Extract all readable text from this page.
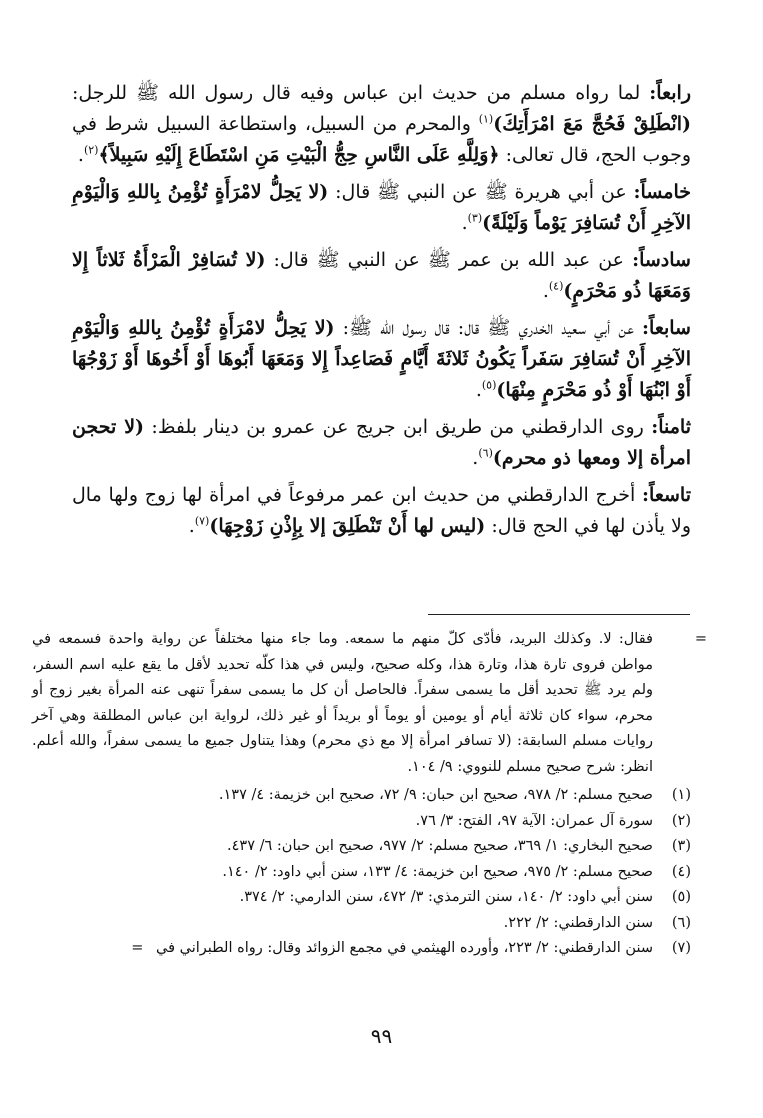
رابعاً: لما رواه مسلم من حديث ابن عباس وفيه قال رسول الله ﷺ للرجل: (انْطَلِقْ فَحُجَّ مَعَ امْرَأَتِكَ)$^{(١)}$ والمحرم من السبيل، واستطاعة السبيل شرط في وجوب الحج، قال تعالى: ﴿وَلِلَّهِ عَلَى النَّاسِ حِجُّ الْبَيْتِ مَنِ اسْتَطَاعَ إِلَيْهِ سَبِيلاً﴾$^{(٢)}$.

خامساً: عن أبي هريرة ﷺ عن النبي ﷺ قال: (لا يَحِلُّ لامْرَأَةٍ تُؤْمِنُ بِاللهِ وَالْيَوْمِ الآخِرِ أَنْ تُسَافِرَ يَوْماً وَلَيْلَةً)$^{(٣)}$.

سادساً: عن عبد الله بن عمر ﷺ عن النبي ﷺ قال: (لا تُسَافِرْ الْمَرْأَةُ ثَلاثاً إِلا وَمَعَهَا ذُو مَحْرَمٍ)$^{(٤)}$.

سابعاً: عن أبي سعيد الخدري ﷺ قال: قال رسول الله ﷺ: (لا يَحِلُّ لامْرَأَةٍ تُؤْمِنُ بِاللهِ وَالْيَوْمِ الآخِرِ أَنْ تُسَافِرَ سَفَراً يَكُونُ ثَلاثَةَ أَيَّامٍ فَصَاعِداً إِلا وَمَعَهَا أَبُوهَا أَوْ أَخُوهَا أَوْ زَوْجُهَا أَوْ ابْنُهَا أَوْ ذُو مَحْرَمٍ مِنْهَا)$^{(٥)}$.

ثامناً: روى الدارقطني من طريق ابن جريج عن عمرو بن دينار بلفظ: (لا تحجن امرأة إلا ومعها ذو محرم)$^{(٦)}$.

تاسعاً: أخرج الدارقطني من حديث ابن عمر مرفوعاً في امرأة لها زوج ولها مال ولا يأذن لها في الحج قال: (ليس لها أَنْ تَنْطَلِقَ إلا بِإِذْنِ زَوْجِهَا)$^{(٧)}$.

=
فقال: لا. وكذلك البريد، فأدّى كلّ منهم ما سمعه. وما جاء منها مختلفاً عن رواية واحدة فسمعه في مواطن فروى تارة هذا، وتارة هذا، وكله صحيح، وليس في هذا كلّه تحديد لأقل ما يقع عليه اسم السفر، ولم يرد ﷺ تحديد أقل ما يسمى سفراً. فالحاصل أن كل ما يسمى سفراً تنهى عنه المرأة بغير زوج أو محرم، سواء كان ثلاثة أيام أو يومين أو يوماً أو بريداً أو غير ذلك، لرواية ابن عباس المطلقة وهي آخر روايات مسلم السابقة: (لا تسافر امرأة إلا مع ذي محرم) وهذا يتناول جميع ما يسمى سفراً، والله أعلم. انظر: شرح صحيح مسلم للنووي: ٩/ ١٠٤.
(١)
صحيح مسلم: ٢/ ٩٧٨، صحيح ابن حبان: ٩/ ٧٢، صحيح ابن خزيمة: ٤/ ١٣٧.
(٢)
سورة آل عمران: الآية ٩٧، الفتح: ٣/ ٧٦.
(٣)
صحيح البخاري: ١/ ٣٦٩، صحيح مسلم: ٢/ ٩٧٧، صحيح ابن حبان: ٦/ ٤٣٧.
(٤)
صحيح مسلم: ٢/ ٩٧٥، صحيح ابن خزيمة: ٤/ ١٣٣، سنن أبي داود: ٢/ ١٤٠.
(٥)
سنن أبي داود: ٢/ ١٤٠، سنن الترمذي: ٣/ ٤٧٢، سنن الدارمي: ٢/ ٣٧٤.
(٦)
سنن الدارقطني: ٢/ ٢٢٢.
(٧)
سنن الدارقطني: ٢/ ٢٢٣، وأورده الهيثمي في مجمع الزوائد وقال: رواه الطبراني في =
٩٩
